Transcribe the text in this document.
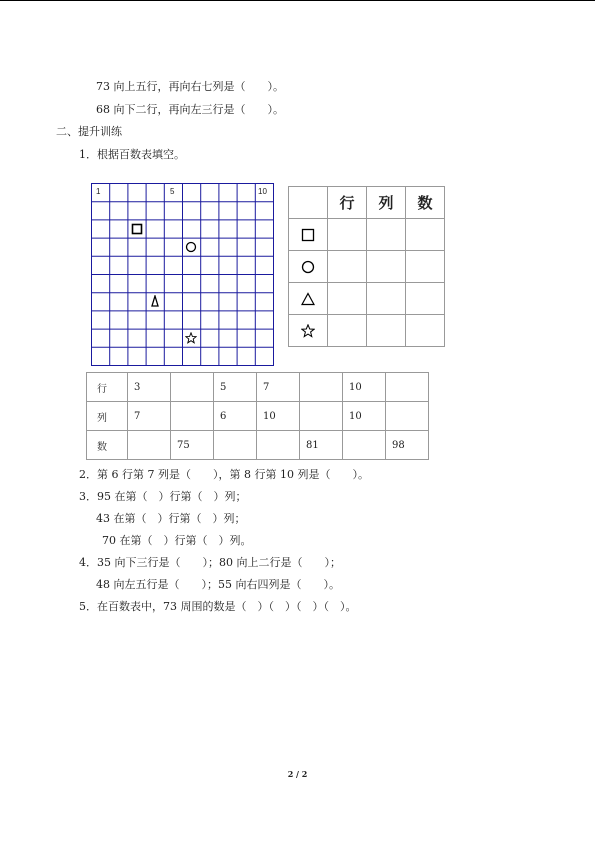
73 向上五行，再向右七列是（　　）。
68 向下二行，再向左三行是（　　）。
二、提升训练
1．根据百数表填空。
1	5	10
	行	列	数

行	3		5	7		10	
列	7		6	10		10	
数		75			81		98
2．第 6 行第 7 列是（　　），第 8 行第 10 列是（　　）。
3．95 在第（　）行第（　）列；
43 在第（　）行第（　）列；
70 在第（　）行第（　）列。
4．35 向下三行是（　　）；80 向上二行是（　　）；
48 向左五行是（　　）；55 向右四列是（　　）。
5．在百数表中，73 周围的数是（　）（　）（　）（　）。
2 / 2
